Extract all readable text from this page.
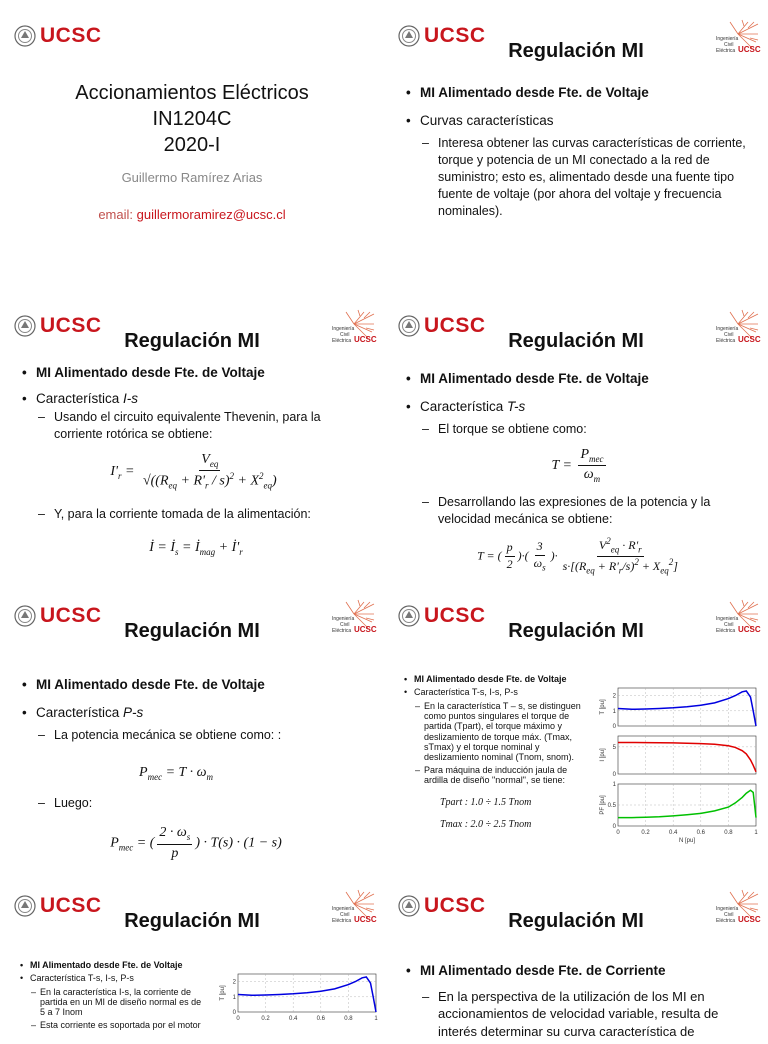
UCSC
Accionamientos Eléctricos
IN1204C
2020-I
Guillermo Ramírez Arias
email: guillermoramirez@ucsc.cl
UCSC
Regulación MI
• MI Alimentado desde Fte. de Voltaje
• Curvas características
– Interesa obtener las curvas características de corriente, torque y potencia de un MI conectado a la red de suministro; esto es, alimentado desde una fuente tipo fuente de voltaje (por ahora del voltaje y frecuencia nominales).
UCSC
Regulación MI
• MI Alimentado desde Fte. de Voltaje
• Característica I-s
– Usando el circuito equivalente Thevenin, para la corriente rotórica se obtiene:
$I'_r = \frac{V_{eq}}{√((R_{eq} + R'_r / s)^2 + X^2_{eq})}$
– Y, para la corriente tomada de la alimentación:
İ = $İ_s$ = $İ_{mag}$ + $İ'_r$
UCSC
Regulación MI
• MI Alimentado desde Fte. de Voltaje
• Característica T-s
– El torque se obtiene como:
$T = \frac{P_{mec}}{\omega_m}$
– Desarrollando las expresiones de la potencia y la velocidad mecánica se obtiene:
T = ( $\frac{p}{2}$ )·( $\frac{3}{\omega_s}$ )· $\frac{V^2_{eq} \cdot R'_r}{s\cdot[(R_{eq} + R'_r/s)^2 + X_{eq}^2]}$
UCSC
Regulación MI
• MI Alimentado desde Fte. de Voltaje
• Característica P-s
– La potencia mecánica se obtiene como: :
$P_{mec} = T \cdot \omega_m$
– Luego:
$P_{mec}$ = ( $\frac{2 \cdot \omega_s}{p}$ ) · T(s) · (1 − s)
UCSC
Regulación MI
• MI Alimentado desde Fte. de Voltaje
• Característica T-s, I-s, P-s
– En la característica T – s, se distinguen como puntos singulares el torque de partida (Tpart), el torque máximo y deslizamiento de torque máx. (Tmax, sTmax) y el torque nominal y deslizamiento nominal (Tnom, snom).
– Para máquina de inducción jaula de ardilla de diseño "normal", se tiene:
Tpart : 1.0 ÷ 1.5 Tnom
Tmax : 2.0 ÷ 2.5 Tnom
0
1
2
T [pu]
0
5
I [pu]
0
0.5
1
PF [pu]
0	0.2	0.4	0.6	0.8	1
N [pu]
UCSC
Regulación MI
• MI Alimentado desde Fte. de Voltaje
• Característica T-s, I-s, P-s
– En la característica I-s, la corriente de partida en un MI de diseño normal es de 5 a 7 Inom
– Esta corriente es soportada por el motor
0
1
2
T [pu]
0	0.2	0.4	0.6	0.8	1
UCSC
Regulación MI
• MI Alimentado desde Fte. de Corriente
– En la perspectiva de la utilización de los MI en accionamientos de velocidad variable, resulta de interés determinar su curva característica de
